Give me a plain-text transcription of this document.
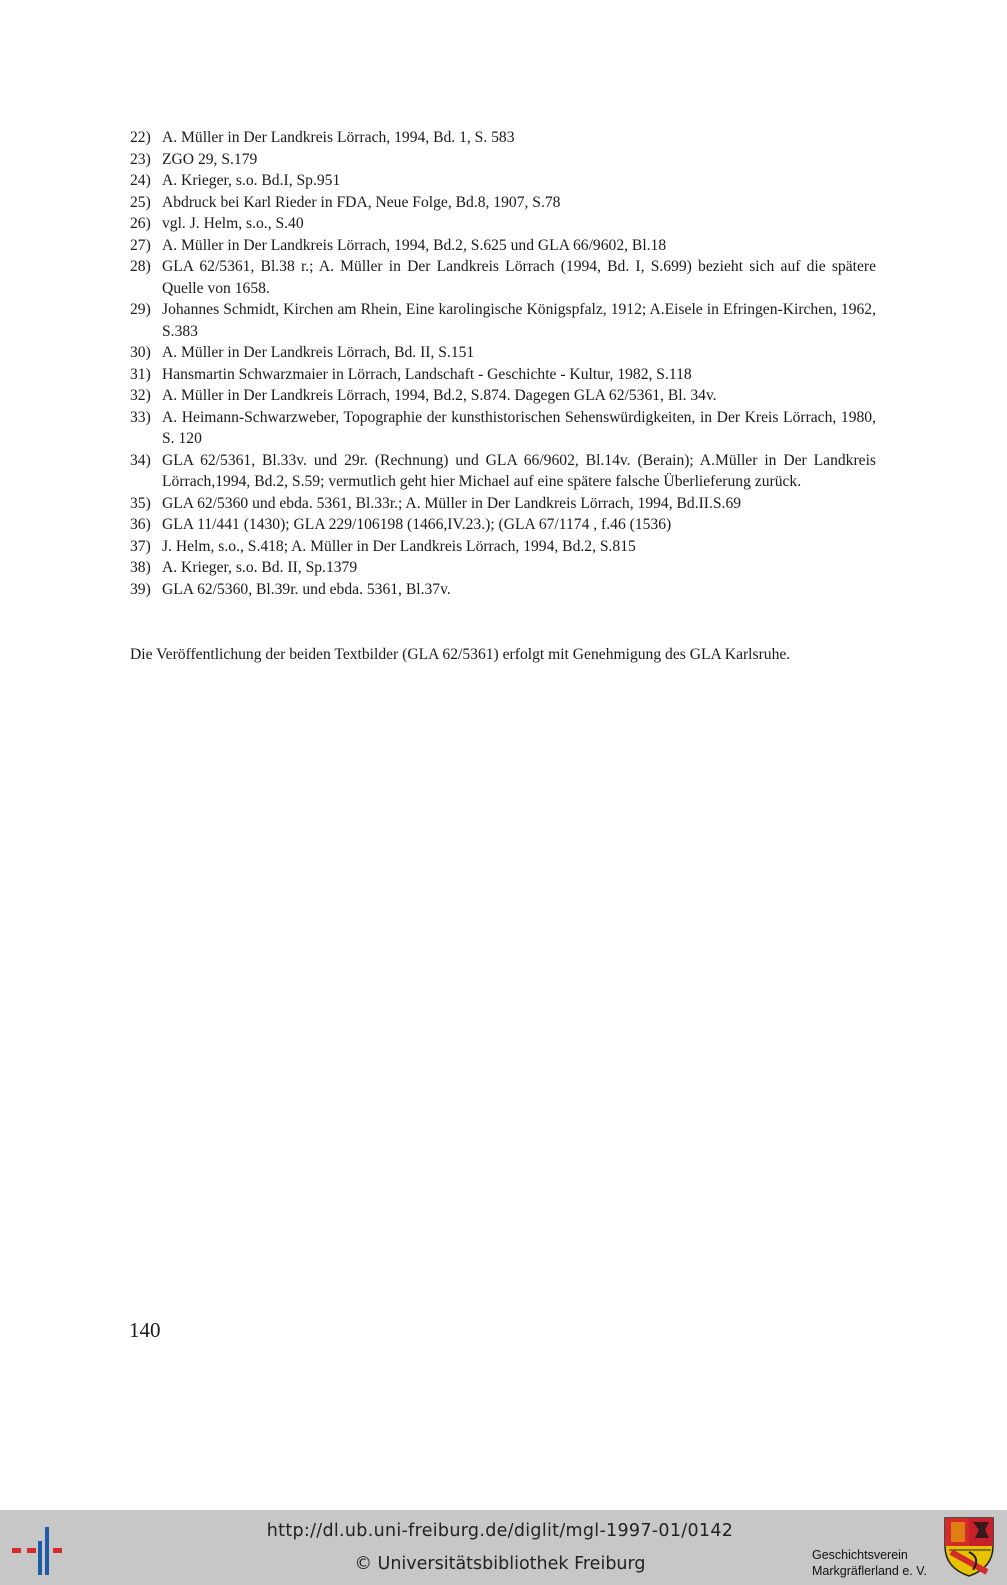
22) A. Müller in Der Landkreis Lörrach, 1994, Bd. 1, S. 583
23) ZGO 29, S.179
24) A. Krieger, s.o. Bd.I, Sp.951
25) Abdruck bei Karl Rieder in FDA, Neue Folge, Bd.8, 1907, S.78
26) vgl. J. Helm, s.o., S.40
27) A. Müller in Der Landkreis Lörrach, 1994, Bd.2, S.625 und GLA 66/9602, Bl.18
28) GLA 62/5361, Bl.38 r.; A. Müller in Der Landkreis Lörrach (1994, Bd. I, S.699) bezieht sich auf die spätere Quelle von 1658.
29) Johannes Schmidt, Kirchen am Rhein, Eine karolingische Königspfalz, 1912; A.Eisele in Efringen-Kirchen, 1962, S.383
30) A. Müller in Der Landkreis Lörrach, Bd. II, S.151
31) Hansmartin Schwarzmaier in Lörrach, Landschaft - Geschichte - Kultur, 1982, S.118
32) A. Müller in Der Landkreis Lörrach, 1994, Bd.2, S.874. Dagegen GLA 62/5361, Bl. 34v.
33) A. Heimann-Schwarzweber, Topographie der kunsthistorischen Sehenswürdigkeiten, in Der Kreis Lörrach, 1980, S. 120
34) GLA 62/5361, Bl.33v. und 29r. (Rechnung) und GLA 66/9602, Bl.14v. (Berain); A.Müller in Der Landkreis Lörrach,1994, Bd.2, S.59; vermutlich geht hier Michael auf eine spätere falsche Überlieferung zurück.
35) GLA 62/5360 und ebda. 5361, Bl.33r.; A. Müller in Der Landkreis Lörrach, 1994, Bd.II.S.69
36) GLA 11/441 (1430); GLA 229/106198 (1466,IV.23.); (GLA 67/1174 , f.46 (1536)
37) J. Helm, s.o., S.418; A. Müller in Der Landkreis Lörrach, 1994, Bd.2, S.815
38) A. Krieger, s.o. Bd. II, Sp.1379
39) GLA 62/5360, Bl.39r. und ebda. 5361, Bl.37v.

Die Veröffentlichung der beiden Textbilder (GLA 62/5361) erfolgt mit Genehmigung des GLA Karlsruhe.

140

http://dl.ub.uni-freiburg.de/diglit/mgl-1997-01/0142
© Universitätsbibliothek Freiburg	Geschichtsverein
Markgräflerland e. V.
